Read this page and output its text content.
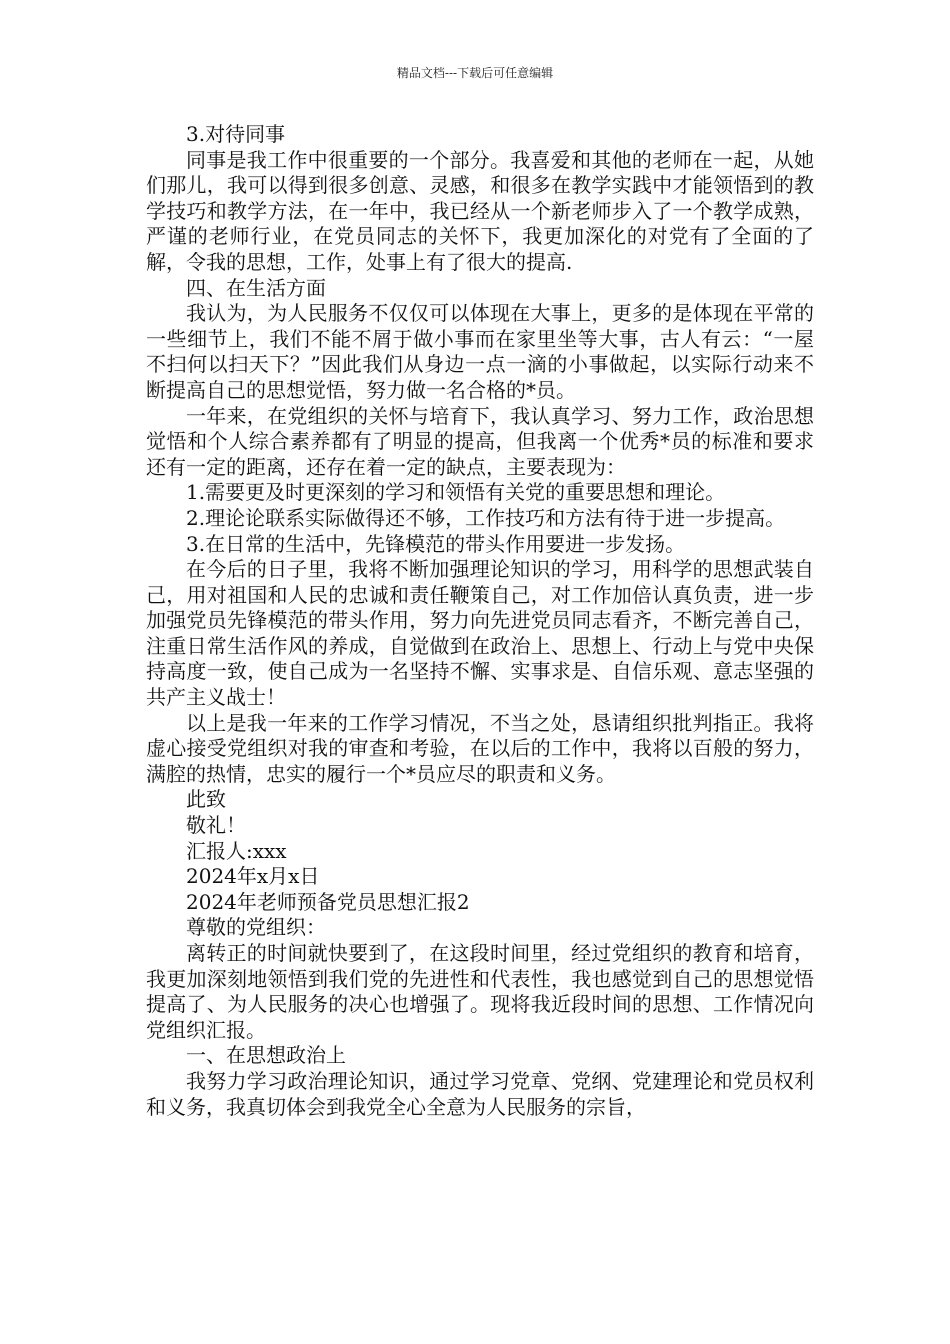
精品文档---下载后可任意编辑

3.对待同事

同事是我工作中很重要的一个部分。我喜爱和其他的老师在一起，从她们那儿，我可以得到很多创意、灵感，和很多在教学实践中才能领悟到的教学技巧和教学方法，在一年中，我已经从一个新老师步入了一个教学成熟，严谨的老师行业，在党员同志的关怀下，我更加深化的对党有了全面的了解，令我的思想，工作，处事上有了很大的提高.

四、在生活方面

我认为，为人民服务不仅仅可以体现在大事上，更多的是体现在平常的一些细节上，我们不能不屑于做小事而在家里坐等大事，古人有云：“一屋不扫何以扫天下？”因此我们从身边一点一滴的小事做起，以实际行动来不断提高自己的思想觉悟，努力做一名合格的*员。

一年来，在党组织的关怀与培育下，我认真学习、努力工作，政治思想觉悟和个人综合素养都有了明显的提高，但我离一个优秀*员的标准和要求还有一定的距离，还存在着一定的缺点，主要表现为：

1.需要更及时更深刻的学习和领悟有关党的重要思想和理论。

2.理论论联系实际做得还不够，工作技巧和方法有待于进一步提高。

3.在日常的生活中，先锋模范的带头作用要进一步发扬。

在今后的日子里，我将不断加强理论知识的学习，用科学的思想武装自己，用对祖国和人民的忠诚和责任鞭策自己，对工作加倍认真负责，进一步加强党员先锋模范的带头作用，努力向先进党员同志看齐，不断完善自己，注重日常生活作风的养成，自觉做到在政治上、思想上、行动上与党中央保持高度一致，使自己成为一名坚持不懈、实事求是、自信乐观、意志坚强的共产主义战士！

以上是我一年来的工作学习情况，不当之处，恳请组织批判指正。我将虚心接受党组织对我的审查和考验，在以后的工作中，我将以百般的努力，满腔的热情，忠实的履行一个*员应尽的职责和义务。

此致

敬礼！

汇报人:xxx

2024年x月x日

2024年老师预备党员思想汇报2

尊敬的党组织：

离转正的时间就快要到了，在这段时间里，经过党组织的教育和培育，我更加深刻地领悟到我们党的先进性和代表性，我也感觉到自己的思想觉悟提高了、为人民服务的决心也增强了。现将我近段时间的思想、工作情况向党组织汇报。

一、在思想政治上

我努力学习政治理论知识，通过学习党章、党纲、党建理论和党员权利和义务，我真切体会到我党全心全意为人民服务的宗旨，
